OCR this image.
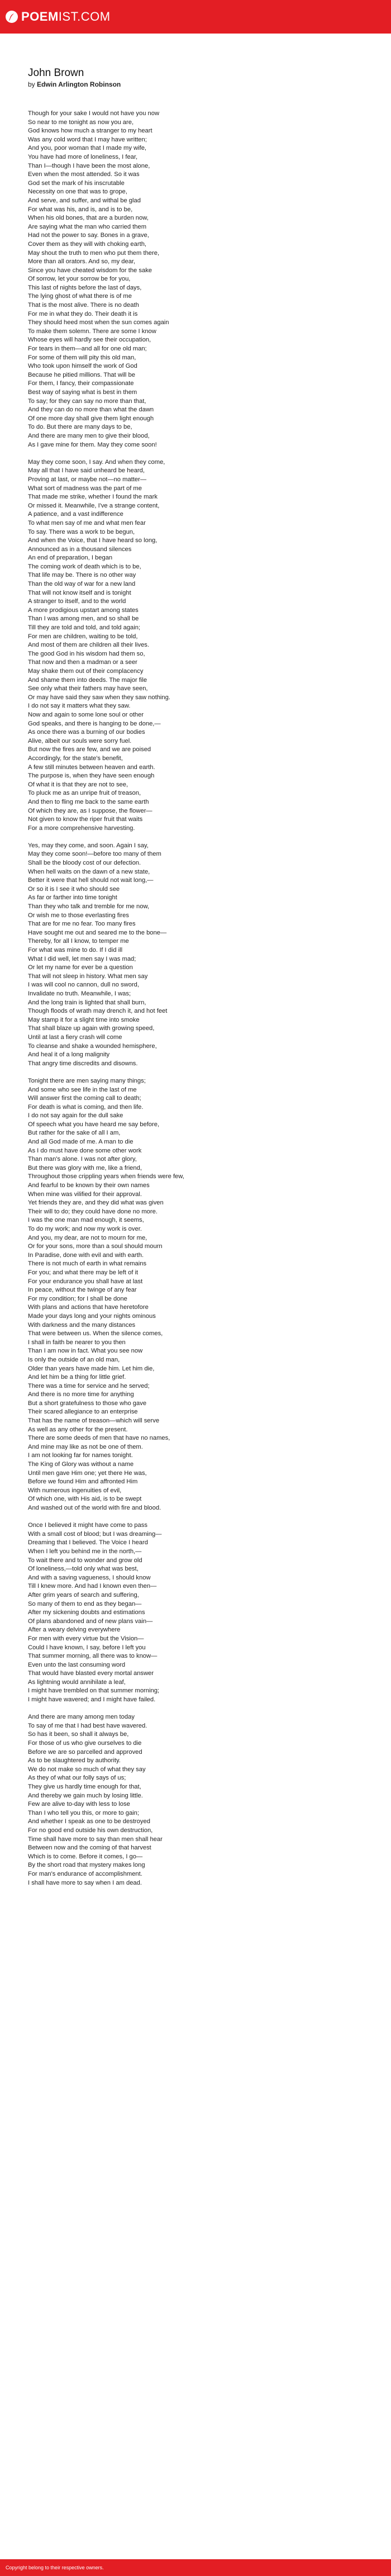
POEMIST.COM
John Brown
by Edwin Arlington Robinson

Though for your sake I would not have you now
So near to me tonight as now you are,
God knows how much a stranger to my heart
Was any cold word that I may have written;
And you, poor woman that I made my wife,
You have had more of loneliness, I fear,
Than I—though I have been the most alone,
Even when the most attended. So it was
God set the mark of his inscrutable
Necessity on one that was to grope,
And serve, and suffer, and withal be glad
For what was his, and is, and is to be,
When his old bones, that are a burden now,
Are saying what the man who carried them
Had not the power to say. Bones in a grave,
Cover them as they will with choking earth,
May shout the truth to men who put them there,
More than all orators. And so, my dear,
Since you have cheated wisdom for the sake
Of sorrow, let your sorrow be for you,
This last of nights before the last of days,
The lying ghost of what there is of me
That is the most alive. There is no death
For me in what they do. Their death it is
They should heed most when the sun comes again
To make them solemn. There are some I know
Whose eyes will hardly see their occupation,
For tears in them—and all for one old man;
For some of them will pity this old man,
Who took upon himself the work of God
Because he pitied millions. That will be
For them, I fancy, their compassionate
Best way of saying what is best in them
To say; for they can say no more than that,
And they can do no more than what the dawn
Of one more day shall give them light enough
To do. But there are many days to be,
And there are many men to give their blood,
As I gave mine for them. May they come soon!

May they come soon, I say. And when they come,
May all that I have said unheard be heard,
Proving at last, or maybe not—no matter—
What sort of madness was the part of me
That made me strike, whether I found the mark
Or missed it. Meanwhile, I've a strange content,
A patience, and a vast indifference
To what men say of me and what men fear
To say. There was a work to be begun,
And when the Voice, that I have heard so long,
Announced as in a thousand silences
An end of preparation, I began
The coming work of death which is to be,
That life may be. There is no other way
Than the old way of war for a new land
That will not know itself and is tonight
A stranger to itself, and to the world
A more prodigious upstart among states
Than I was among men, and so shall be
Till they are told and told, and told again;
For men are children, waiting to be told,
And most of them are children all their lives.
The good God in his wisdom had them so,
That now and then a madman or a seer
May shake them out of their complacency
And shame them into deeds. The major file
See only what their fathers may have seen,
Or may have said they saw when they saw nothing.
I do not say it matters what they saw.
Now and again to some lone soul or other
God speaks, and there is hanging to be done,—
As once there was a burning of our bodies
Alive, albeit our souls were sorry fuel.
But now the fires are few, and we are poised
Accordingly, for the state's benefit,
A few still minutes between heaven and earth.
The purpose is, when they have seen enough
Of what it is that they are not to see,
To pluck me as an unripe fruit of treason,
And then to fling me back to the same earth
Of which they are, as I suppose, the flower—
Not given to know the riper fruit that waits
For a more comprehensive harvesting.

Yes, may they come, and soon. Again I say,
May they come soon!—before too many of them
Shall be the bloody cost of our defection.
When hell waits on the dawn of a new state,
Better it were that hell should not wait long,—
Or so it is I see it who should see
As far or farther into time tonight
Than they who talk and tremble for me now,
Or wish me to those everlasting fires
That are for me no fear. Too many fires
Have sought me out and seared me to the bone—
Thereby, for all I know, to temper me
For what was mine to do. If I did ill
What I did well, let men say I was mad;
Or let my name for ever be a question
That will not sleep in history. What men say
I was will cool no cannon, dull no sword,
Invalidate no truth. Meanwhile, I was;
And the long train is lighted that shall burn,
Though floods of wrath may drench it, and hot feet
May stamp it for a slight time into smoke
That shall blaze up again with growing speed,
Until at last a fiery crash will come
To cleanse and shake a wounded hemisphere,
And heal it of a long malignity
That angry time discredits and disowns.

Tonight there are men saying many things;
And some who see life in the last of me
Will answer first the coming call to death;
For death is what is coming, and then life.
I do not say again for the dull sake
Of speech what you have heard me say before,
But rather for the sake of all I am,
And all God made of me. A man to die
As I do must have done some other work
Than man's alone. I was not after glory,
But there was glory with me, like a friend,
Throughout those crippling years when friends were few,
And fearful to be known by their own names
When mine was vilified for their approval.
Yet friends they are, and they did what was given
Their will to do; they could have done no more.
I was the one man mad enough, it seems,
To do my work; and now my work is over.
And you, my dear, are not to mourn for me,
Or for your sons, more than a soul should mourn
In Paradise, done with evil and with earth.
There is not much of earth in what remains
For you; and what there may be left of it
For your endurance you shall have at last
In peace, without the twinge of any fear
For my condition; for I shall be done
With plans and actions that have heretofore
Made your days long and your nights ominous
With darkness and the many distances
That were between us. When the silence comes,
I shall in faith be nearer to you then
Than I am now in fact. What you see now
Is only the outside of an old man,
Older than years have made him. Let him die,
And let him be a thing for little grief.
There was a time for service and he served;
And there is no more time for anything
But a short gratefulness to those who gave
Their scared allegiance to an enterprise
That has the name of treason—which will serve
As well as any other for the present.
There are some deeds of men that have no names,
And mine may like as not be one of them.
I am not looking far for names tonight.
The King of Glory was without a name
Until men gave Him one; yet there He was,
Before we found Him and affronted Him
With numerous ingenuities of evil,
Of which one, with His aid, is to be swept
And washed out of the world with fire and blood.

Once I believed it might have come to pass
With a small cost of blood; but I was dreaming—
Dreaming that I believed. The Voice I heard
When I left you behind me in the north,—
To wait there and to wonder and grow old
Of loneliness,—told only what was best,
And with a saving vagueness, I should know
Till I knew more. And had I known even then—
After grim years of search and suffering,
So many of them to end as they began—
After my sickening doubts and estimations
Of plans abandoned and of new plans vain—
After a weary delving everywhere
For men with every virtue but the Vision—
Could I have known, I say, before I left you
That summer morning, all there was to know—
Even unto the last consuming word
That would have blasted every mortal answer
As lightning would annihilate a leaf,
I might have trembled on that summer morning;
I might have wavered; and I might have failed.

And there are many among men today
To say of me that I had best have wavered.
So has it been, so shall it always be,
For those of us who give ourselves to die
Before we are so parcelled and approved
As to be slaughtered by authority.
We do not make so much of what they say
As they of what our folly says of us;
They give us hardly time enough for that,
And thereby we gain much by losing little.
Few are alive to-day with less to lose
Than I who tell you this, or more to gain;
And whether I speak as one to be destroyed
For no good end outside his own destruction,
Time shall have more to say than men shall hear
Between now and the coming of that harvest
Which is to come. Before it comes, I go—
By the short road that mystery makes long
For man's endurance of accomplishment.
I shall have more to say when I am dead.

Copyright belong to their respective owners.
